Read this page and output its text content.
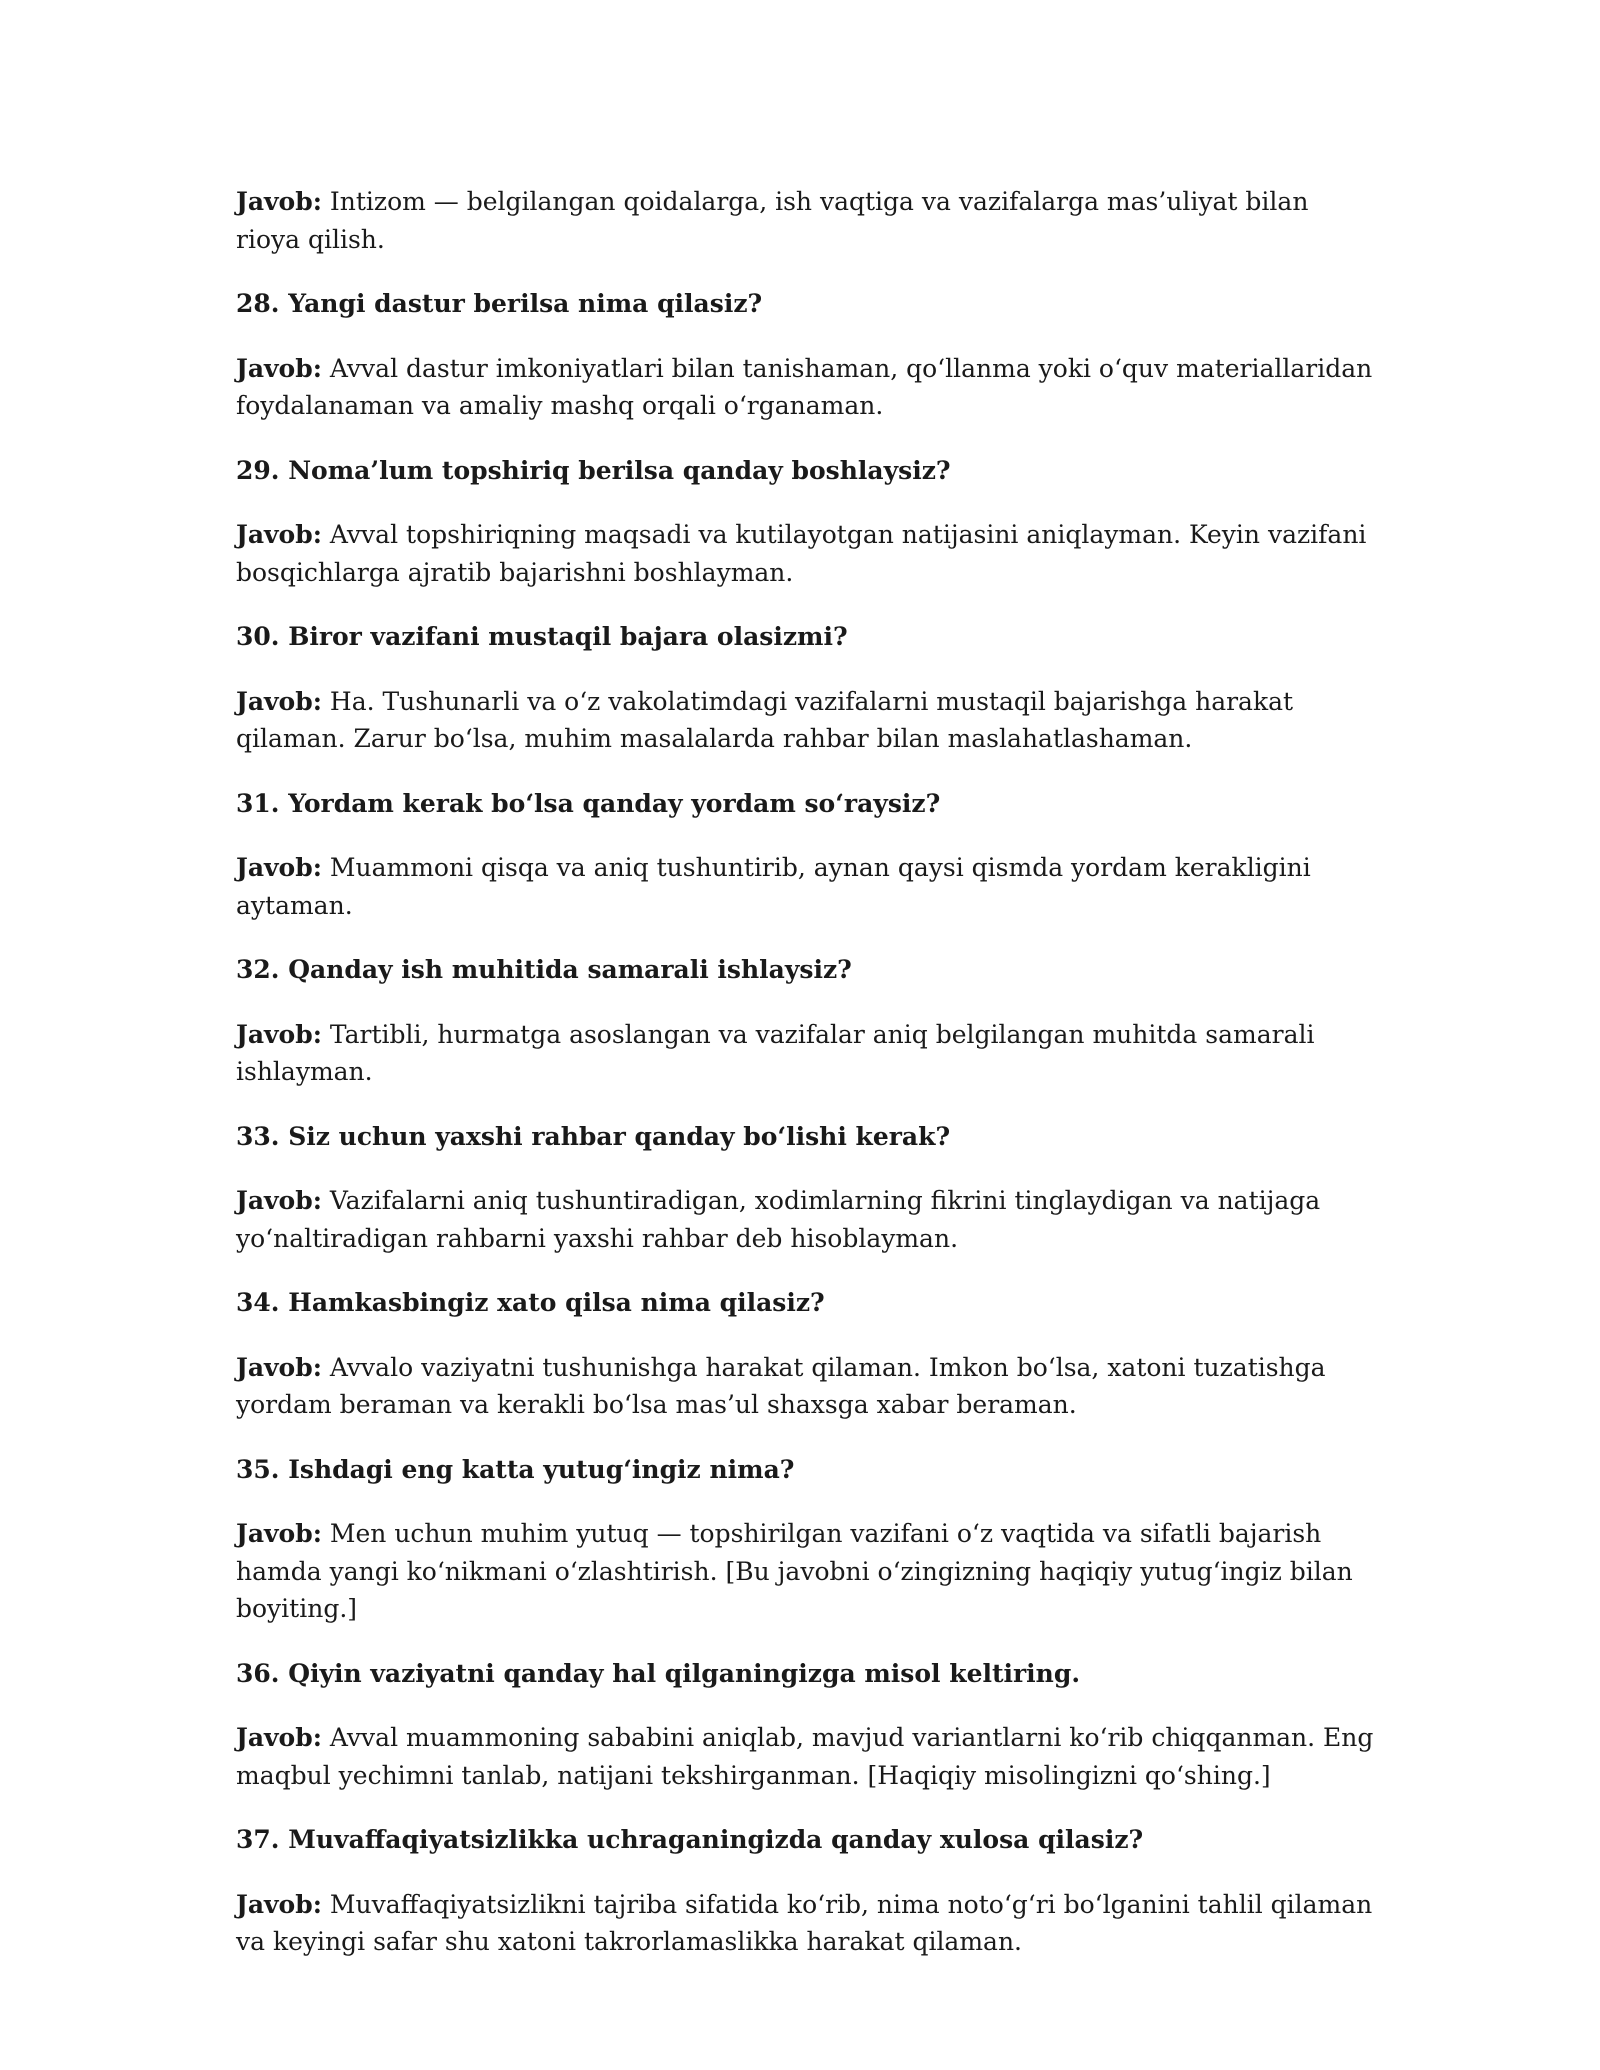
Javob: Intizom — belgilangan qoidalarga, ish vaqtiga va vazifalarga mas’uliyat bilan rioya qilish.

28. Yangi dastur berilsa nima qilasiz?

Javob: Avval dastur imkoniyatlari bilan tanishaman, qo‘llanma yoki o‘quv materiallaridan foydalanaman va amaliy mashq orqali o‘rganaman.

29. Noma’lum topshiriq berilsa qanday boshlaysiz?

Javob: Avval topshiriqning maqsadi va kutilayotgan natijasini aniqlayman. Keyin vazifani bosqichlarga ajratib bajarishni boshlayman.

30. Biror vazifani mustaqil bajara olasizmi?

Javob: Ha. Tushunarli va o‘z vakolatimdagi vazifalarni mustaqil bajarishga harakat qilaman. Zarur bo‘lsa, muhim masalalarda rahbar bilan maslahatlashaman.

31. Yordam kerak bo‘lsa qanday yordam so‘raysiz?

Javob: Muammoni qisqa va aniq tushuntirib, aynan qaysi qismda yordam kerakligini aytaman.

32. Qanday ish muhitida samarali ishlaysiz?

Javob: Tartibli, hurmatga asoslangan va vazifalar aniq belgilangan muhitda samarali ishlayman.

33. Siz uchun yaxshi rahbar qanday bo‘lishi kerak?

Javob: Vazifalarni aniq tushuntiradigan, xodimlarning fikrini tinglaydigan va natijaga yo‘naltiradigan rahbarni yaxshi rahbar deb hisoblayman.

34. Hamkasbingiz xato qilsa nima qilasiz?

Javob: Avvalo vaziyatni tushunishga harakat qilaman. Imkon bo‘lsa, xatoni tuzatishga yordam beraman va kerakli bo‘lsa mas’ul shaxsga xabar beraman.

35. Ishdagi eng katta yutug‘ingiz nima?

Javob: Men uchun muhim yutuq — topshirilgan vazifani o‘z vaqtida va sifatli bajarish hamda yangi ko‘nikmani o‘zlashtirish. [Bu javobni o‘zingizning haqiqiy yutug‘ingiz bilan boyiting.]

36. Qiyin vaziyatni qanday hal qilganingizga misol keltiring.

Javob: Avval muammoning sababini aniqlab, mavjud variantlarni ko‘rib chiqqanman. Eng maqbul yechimni tanlab, natijani tekshirganman. [Haqiqiy misolingizni qo‘shing.]

37. Muvaffaqiyatsizlikka uchraganingizda qanday xulosa qilasiz?

Javob: Muvaffaqiyatsizlikni tajriba sifatida ko‘rib, nima noto‘g‘ri bo‘lganini tahlil qilaman va keyingi safar shu xatoni takrorlamaslikka harakat qilaman.
